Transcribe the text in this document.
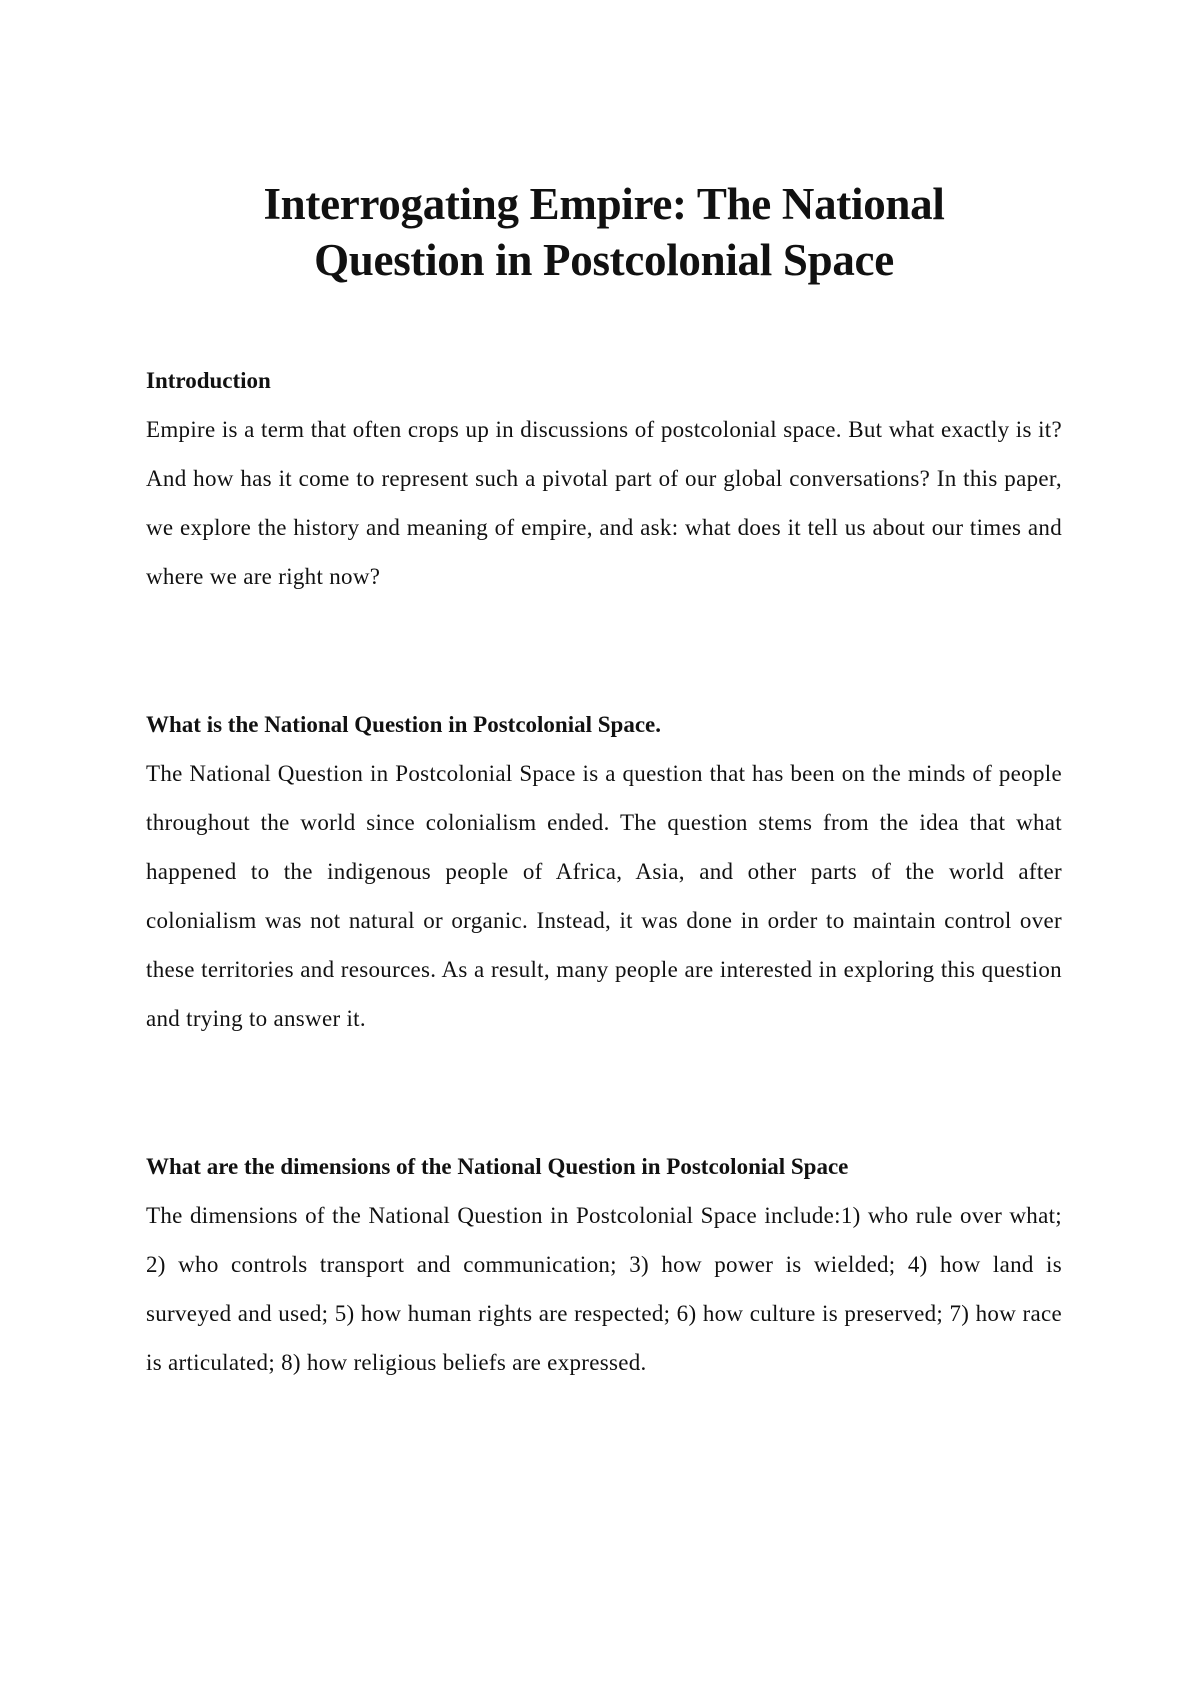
Interrogating Empire: The National
Question in Postcolonial Space
Introduction

Empire is a term that often crops up in discussions of postcolonial space. But what exactly is it? And how has it come to represent such a pivotal part of our global conversations? In this paper, we explore the history and meaning of empire, and ask: what does it tell us about our times and where we are right now?

What is the National Question in Postcolonial Space.

The National Question in Postcolonial Space is a question that has been on the minds of people throughout the world since colonialism ended. The question stems from the idea that what happened to the indigenous people of Africa, Asia, and other parts of the world after colonialism was not natural or organic. Instead, it was done in order to maintain control over these territories and resources. As a result, many people are interested in exploring this question and trying to answer it.

What are the dimensions of the National Question in Postcolonial Space

The dimensions of the National Question in Postcolonial Space include:1) who rule over what; 2) who controls transport and communication; 3) how power is wielded; 4) how land is surveyed and used; 5) how human rights are respected; 6) how culture is preserved; 7) how race is articulated; 8) how religious beliefs are expressed.
